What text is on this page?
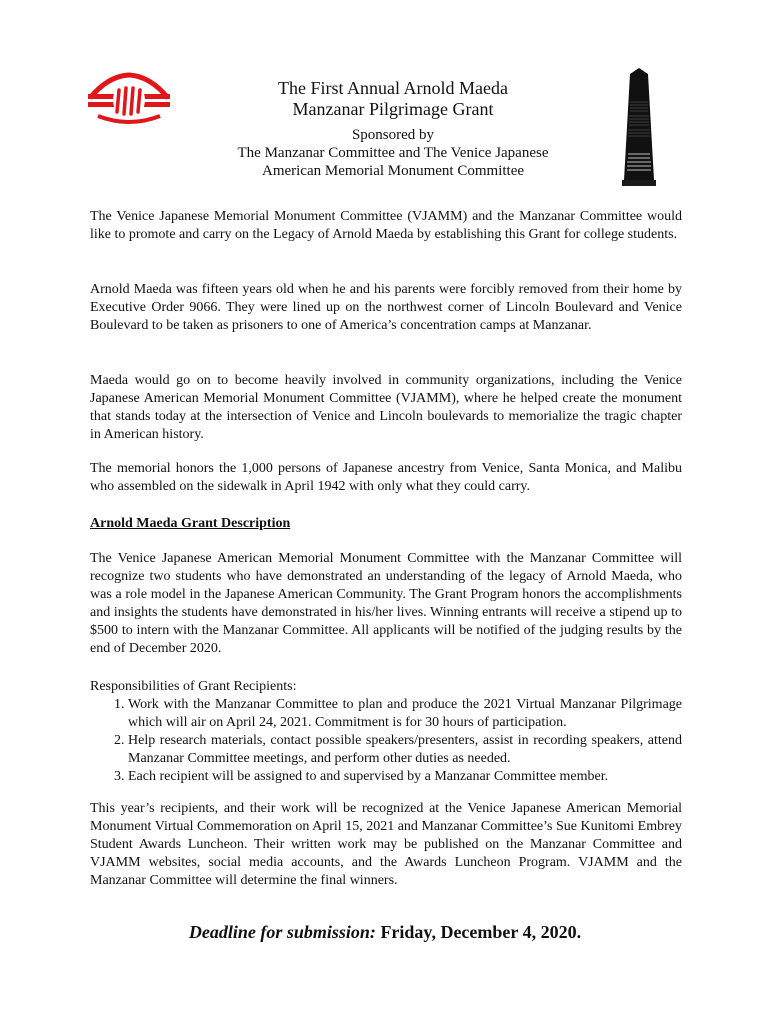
The First Annual Arnold Maeda
Manzanar Pilgrimage Grant
Sponsored by
The Manzanar Committee and The Venice Japanese
American Memorial Monument Committee

The Venice Japanese Memorial Monument Committee (VJAMM) and the Manzanar Committee would like to promote and carry on the Legacy of Arnold Maeda by establishing this Grant for college students.

Arnold Maeda was fifteen years old when he and his parents were forcibly removed from their home by Executive Order 9066. They were lined up on the northwest corner of Lincoln Boulevard and Venice Boulevard to be taken as prisoners to one of America’s concentration camps at Manzanar.

Maeda would go on to become heavily involved in community organizations, including the Venice Japanese American Memorial Monument Committee (VJAMM), where he helped create the monument that stands today at the intersection of Venice and Lincoln boulevards to memorialize the tragic chapter in American history.

The memorial honors the 1,000 persons of Japanese ancestry from Venice, Santa Monica, and Malibu who assembled on the sidewalk in April 1942 with only what they could carry.

Arnold Maeda Grant Description

The Venice Japanese American Memorial Monument Committee with the Manzanar Committee will recognize two students who have demonstrated an understanding of the legacy of Arnold Maeda, who was a role model in the Japanese American Community. The Grant Program honors the accomplishments and insights the students have demonstrated in his/her lives. Winning entrants will receive a stipend up to $500 to intern with the Manzanar Committee. All applicants will be notified of the judging results by the end of December 2020.

Responsibilities of Grant Recipients:

1. Work with the Manzanar Committee to plan and produce the 2021 Virtual Manzanar Pilgrimage which will air on April 24, 2021. Commitment is for 30 hours of participation.
2. Help research materials, contact possible speakers/presenters, assist in recording speakers, attend Manzanar Committee meetings, and perform other duties as needed.
3. Each recipient will be assigned to and supervised by a Manzanar Committee member.

This year’s recipients, and their work will be recognized at the Venice Japanese American Memorial Monument Virtual Commemoration on April 15, 2021 and Manzanar Committee’s Sue Kunitomi Embrey Student Awards Luncheon. Their written work may be published on the Manzanar Committee and VJAMM websites, social media accounts, and the Awards Luncheon Program. VJAMM and the Manzanar Committee will determine the final winners.

Deadline for submission: Friday, December 4, 2020.
